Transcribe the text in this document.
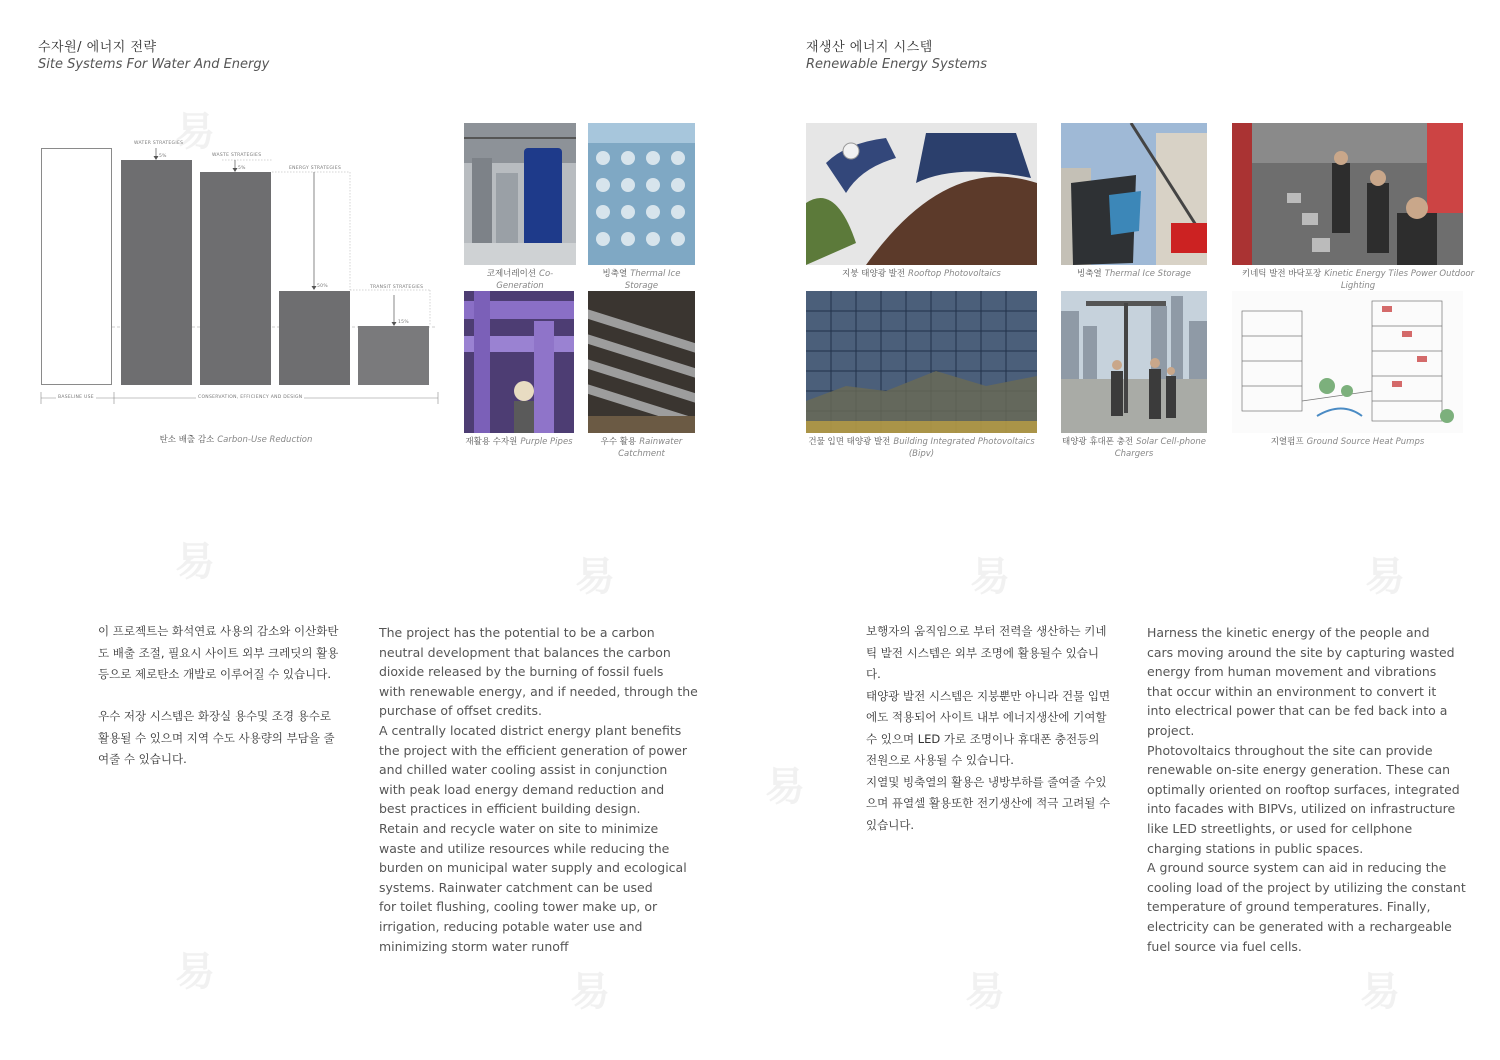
수자원/ 에너지 전략
Site Systems For Water And Energy
WATER STRATEGIES
5%	WASTE STRATEGIES
5%	ENERGY STRATEGIES
50%	TRANSIT STRATEGIES
15%
BASELINE USE	CONSERVATION, EFFICIENCY AND DESIGN
탄소 배출 감소 Carbon-Use Reduction
코제너레이션 Co-Generation
빙축열 Thermal Ice Storage
재활용 수자원 Purple Pipes	우수 활용 Rainwater Catchment
이 프로젝트는 화석연료 사용의 감소와 이산화탄
도 배출 조절, 필요시 사이트 외부 크레딧의 활용
등으로 제로탄소 개발로 이루어질 수 있습니다.
우수 저장 시스템은 화장실 용수및 조경 용수로
활용될 수 있으며 지역 수도 사용량의 부담을 줄
여줄 수 있습니다.
The project has the potential to be a carbon
neutral development that balances the carbon
dioxide released by the burning of fossil fuels
with renewable energy, and if needed, through the
purchase of offset credits.
A centrally located district energy plant benefits
the project with the efficient generation of power
and chilled water cooling assist in conjunction
with peak load energy demand reduction and
best practices in efficient building design.
Retain and recycle water on site to minimize
waste and utilize resources while reducing the
burden on municipal water supply and ecological
systems. Rainwater catchment can be used
for toilet flushing, cooling tower make up, or
irrigation, reducing potable water use and
minimizing storm water runoff
재생산 에너지 시스템
Renewable Energy Systems
지붕 태양광 발전 Rooftop Photovoltaics	빙축열 Thermal Ice Storage	키네틱 발전 바닥포장 Kinetic Energy Tiles Power Outdoor Lighting
건물 입면 태양광 발전 Building Integrated Photovoltaics (Bipv)
태양광 휴대폰 충전 Solar Cell-phone Chargers
지열펌프 Ground Source Heat Pumps
보행자의 움직임으로 부터 전력을 생산하는 키네
틱 발전 시스템은 외부 조명에 활용될수 있습니
다.
태양광 발전 시스템은 지붕뿐만 아니라 건물 입면
에도 적용되어 사이트 내부 에너지생산에 기여할
수 있으며 LED 가로 조명이나 휴대폰 충전등의
전원으로 사용될 수 있습니다.
지열및 빙축열의 활용은 냉방부하를 줄여줄 수있
으며 퓨열셀 활용또한 전기생산에 적극 고려될 수
있습니다.
Harness the kinetic energy of the people and
cars moving around the site by capturing wasted
energy from human movement and vibrations
that occur within an environment to convert it
into electrical power that can be fed back into a
project.
Photovoltaics throughout the site can provide
renewable on-site energy generation. These can
optimally oriented on rooftop surfaces, integrated
into facades with BIPVs, utilized on infrastructure
like LED streetlights, or used for cellphone
charging stations in public spaces.
A ground source system can aid in reducing the
cooling load of the project by utilizing the constant
temperature of ground temperatures. Finally,
electricity can be generated with a rechargeable
fuel source via fuel cells.
易
易	易	易	易
易
易	易	易	易
